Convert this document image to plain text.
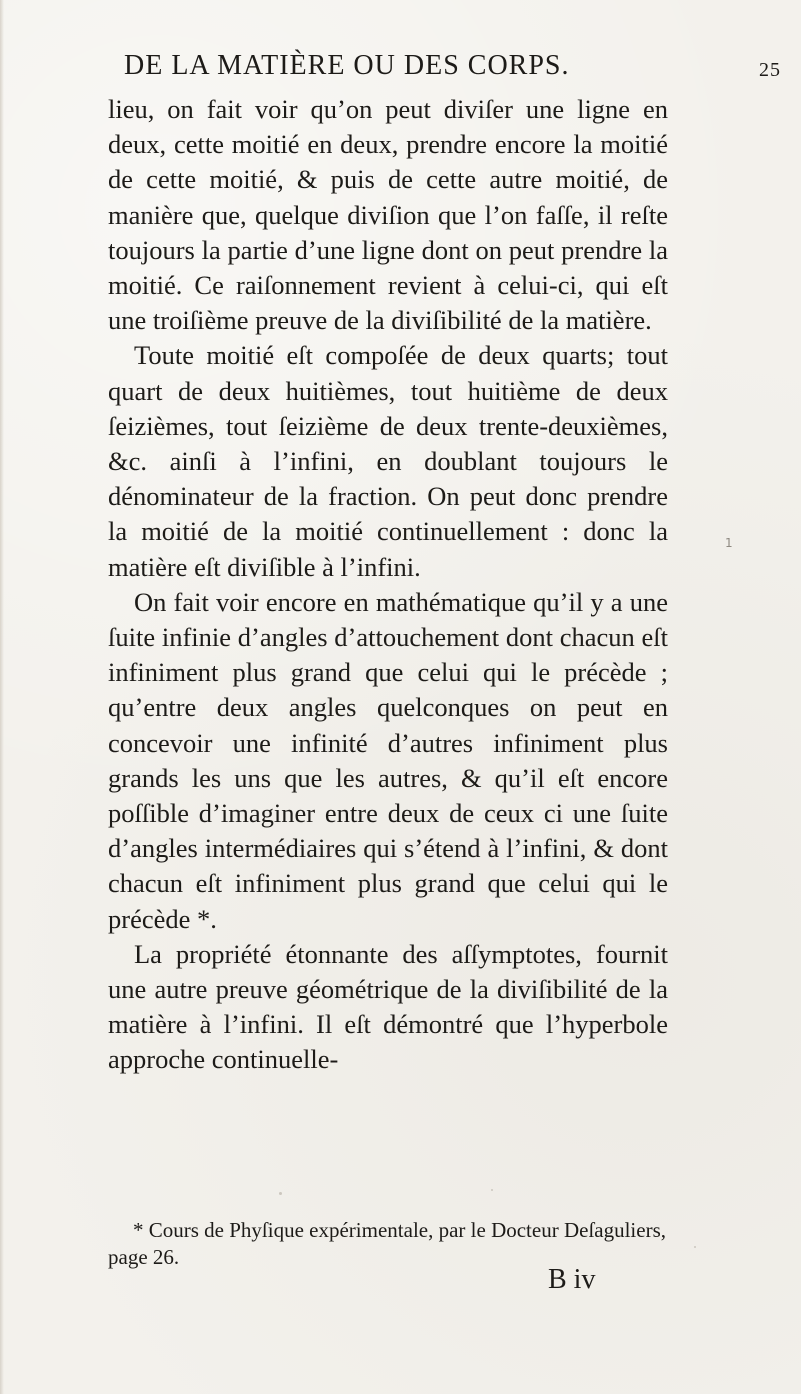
DE LA MATIÈRE OU DES CORPS.	25

lieu, on fait voir qu’on peut diviſer une ligne en deux, cette moitié en deux, prendre encore la moitié de cette moitié, & puis de cette autre moitié, de manière que, quelque diviſion que l’on faſſe, il reſte toujours la partie d’une ligne dont on peut prendre la moitié. Ce raiſonnement revient à celui-ci, qui eſt une troiſième preuve de la diviſibilité de la matière.

Toute moitié eſt compoſée de deux quarts; tout quart de deux huitièmes, tout huitième de deux ſeizièmes, tout ſeizième de deux trente-deuxièmes, &c. ainſi à l’infini, en doublant toujours le dénominateur de la fraction. On peut donc prendre la moitié de la moitié continuellement : donc la matière eſt diviſible à l’infini.

On fait voir encore en mathématique qu’il y a une ſuite infinie d’angles d’attouchement dont chacun eſt infiniment plus grand que celui qui le précède ; qu’entre deux angles quelconques on peut en concevoir une infinité d’autres infiniment plus grands les uns que les autres, & qu’il eſt encore poſſible d’imaginer entre deux de ceux ci une ſuite d’angles intermédiaires qui s’étend à l’infini, & dont chacun eſt infiniment plus grand que celui qui le précède *.

La propriété étonnante des aſſymptotes, fournit une autre preuve géométrique de la diviſibilité de la matière à l’infini. Il eſt démontré que l’hyperbole approche continuelle-

* Cours de Phyſique expérimentale, par le Docteur Deſaguliers, page 26.

B iv
1
